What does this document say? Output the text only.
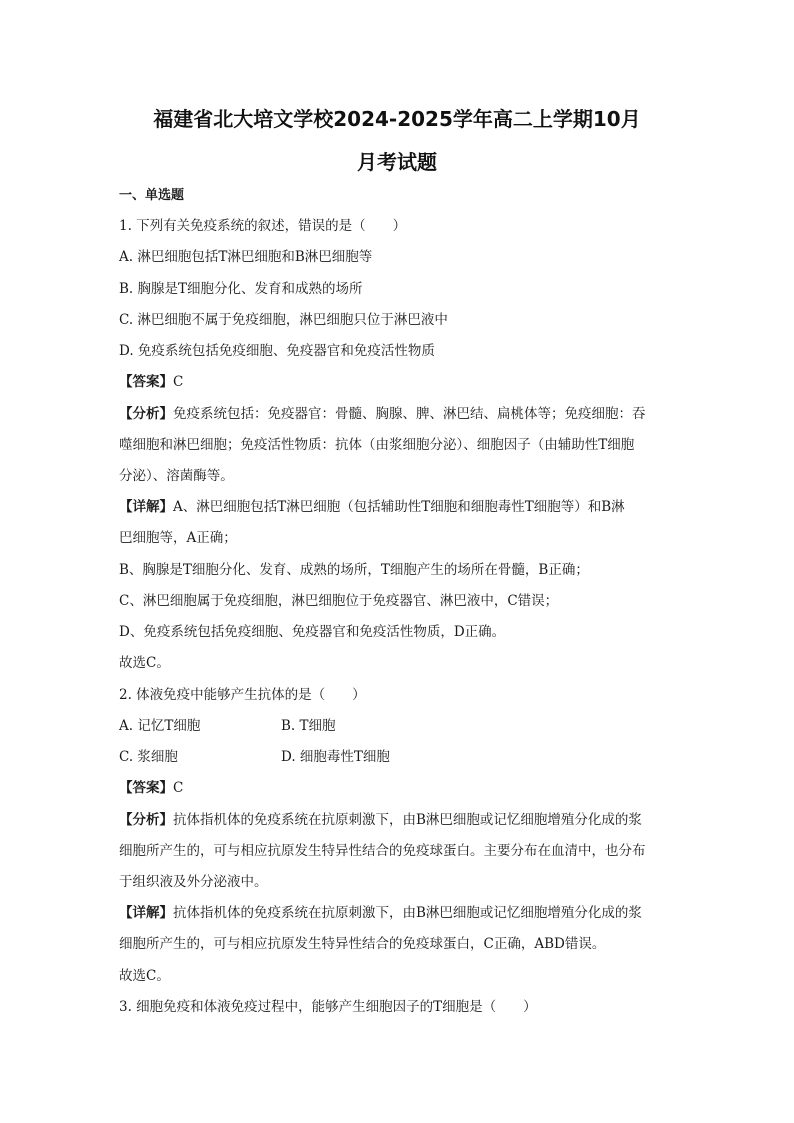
福建省北大培文学校2024-2025学年高二上学期10月
月考试题
一、单选题
1. 下列有关免疫系统的叙述，错误的是（　　）
A. 淋巴细胞包括T淋巴细胞和B淋巴细胞等
B. 胸腺是T细胞分化、发育和成熟的场所
C. 淋巴细胞不属于免疫细胞，淋巴细胞只位于淋巴液中
D. 免疫系统包括免疫细胞、免疫器官和免疫活性物质
【答案】C
【分析】免疫系统包括：免疫器官：骨髓、胸腺、脾、淋巴结、扁桃体等；免疫细胞：吞
噬细胞和淋巴细胞；免疫活性物质：抗体（由浆细胞分泌）、细胞因子（由辅助性T细胞
分泌）、溶菌酶等。
【详解】A、淋巴细胞包括T淋巴细胞（包括辅助性T细胞和细胞毒性T细胞等）和B淋
巴细胞等，A正确；
B、胸腺是T细胞分化、发育、成熟的场所，T细胞产生的场所在骨髓，B正确；
C、淋巴细胞属于免疫细胞，淋巴细胞位于免疫器官、淋巴液中，C错误；
D、免疫系统包括免疫细胞、免疫器官和免疫活性物质，D正确。
故选C。
2. 体液免疫中能够产生抗体的是（　　）
A. 记忆T细胞	B. T细胞
C. 浆细胞	D. 细胞毒性T细胞
【答案】C
【分析】抗体指机体的免疫系统在抗原刺激下，由B淋巴细胞或记忆细胞增殖分化成的浆
细胞所产生的，可与相应抗原发生特异性结合的免疫球蛋白。主要分布在血清中，也分布
于组织液及外分泌液中。
【详解】抗体指机体的免疫系统在抗原刺激下，由B淋巴细胞或记忆细胞增殖分化成的浆
细胞所产生的，可与相应抗原发生特异性结合的免疫球蛋白，C正确，ABD错误。
故选C。
3. 细胞免疫和体液免疫过程中，能够产生细胞因子的T细胞是（　　）
